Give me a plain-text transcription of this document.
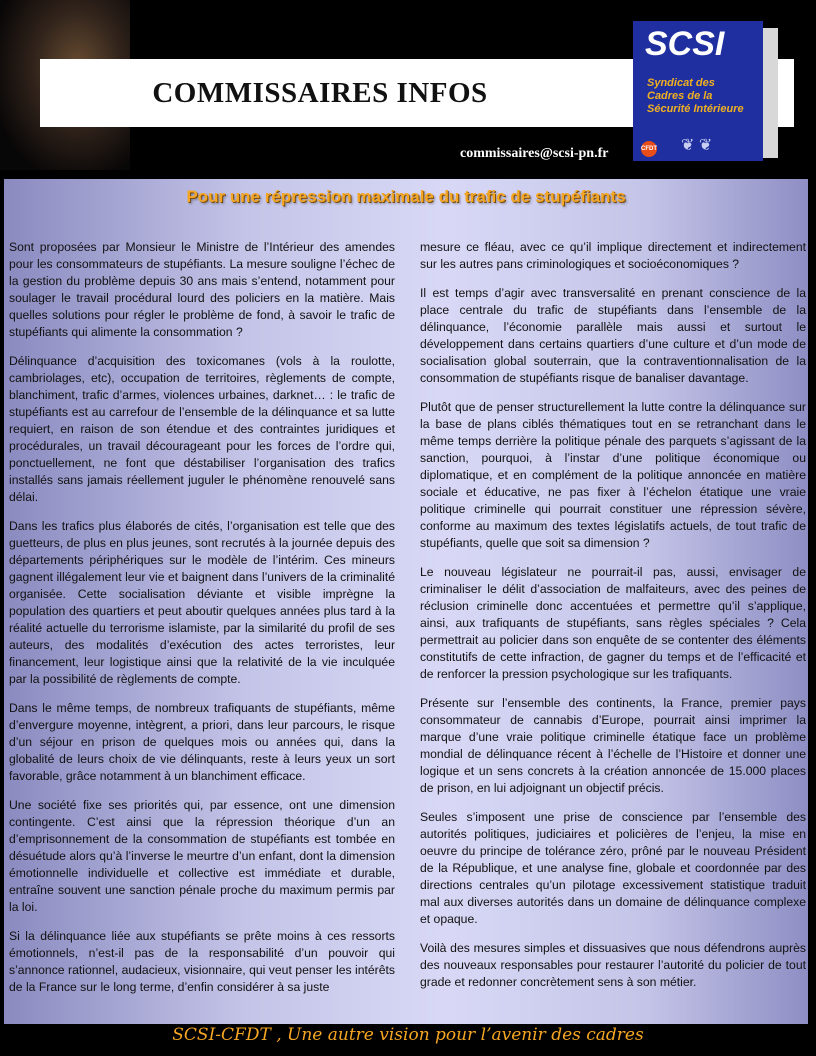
COMMISSAIRES INFOS
SCSI
Syndicat des Cadres de la Sécurité Intérieure
❦ ❦
CFDT
commissaires@scsi-pn.fr
Pour une répression maximale du trafic de stupéfiants

Sont proposées par Monsieur le Ministre de l’Intérieur des amendes pour les consommateurs de stupéfiants. La mesure souligne l’échec de la gestion du problème depuis 30 ans mais s’entend, notamment pour soulager le travail procédural lourd des policiers en la matière. Mais quelles solutions pour régler le problème de fond, à savoir le trafic de stupéfiants qui alimente la consommation ?

Délinquance d’acquisition des toxicomanes (vols à la roulotte, cambriolages, etc), occupation de territoires, règlements de compte, blanchiment, trafic d’armes, violences urbaines, darknet… : le trafic de stupéfiants est au carrefour de l’ensemble de la délinquance et sa lutte requiert, en raison de son étendue et des contraintes juridiques et procédurales, un travail décourageant pour les forces de l’ordre qui, ponctuellement, ne font que déstabiliser l’organisation des trafics installés sans jamais réellement juguler le phénomène renouvelé sans délai.

Dans les trafics plus élaborés de cités, l’organisation est telle que des guetteurs, de plus en plus jeunes, sont recrutés à la journée depuis des départements périphériques sur le modèle de l’intérim. Ces mineurs gagnent illégalement leur vie et baignent dans l’univers de la criminalité organisée. Cette socialisation déviante et visible imprègne la population des quartiers et peut aboutir quelques années plus tard à la réalité actuelle du terrorisme islamiste, par la similarité du profil de ses auteurs, des modalités d’exécution des actes terroristes, leur financement, leur logistique ainsi que la relativité de la vie inculquée par la possibilité de règlements de compte.

Dans le même temps, de nombreux trafiquants de stupéfiants, même d’envergure moyenne, intègrent, a priori, dans leur parcours, le risque d’un séjour en prison de quelques mois ou années qui, dans la globalité de leurs choix de vie délinquants, reste à leurs yeux un sort favorable, grâce notamment à un blanchiment efficace.

Une société fixe ses priorités qui, par essence, ont une dimension contingente. C’est ainsi que la répression théorique d’un an d’emprisonnement de la consommation de stupéfiants est tombée en désuétude alors qu’à l’inverse le meurtre d’un enfant, dont la dimension émotionnelle individuelle et collective est immédiate et durable, entraîne souvent une sanction pénale proche du maximum permis par la loi.

Si la délinquance liée aux stupéfiants se prête moins à ces ressorts émotionnels, n’est-il pas de la responsabilité d’un pouvoir qui s’annonce rationnel, audacieux, visionnaire, qui veut penser les intérêts de la France sur le long terme, d’enfin considérer à sa juste

mesure ce fléau, avec ce qu’il implique directement et indirectement sur les autres pans criminologiques et socioéconomiques ?

Il est temps d’agir avec transversalité en prenant conscience de la place centrale du trafic de stupéfiants dans l’ensemble de la délinquance, l’économie parallèle mais aussi et surtout le développement dans certains quartiers d’une culture et d’un mode de socialisation global souterrain, que la contraventionnalisation de la consommation de stupéfiants risque de banaliser davantage.

Plutôt que de penser structurellement la lutte contre la délinquance sur la base de plans ciblés thématiques tout en se retranchant dans le même temps derrière la politique pénale des parquets s’agissant de la sanction, pourquoi, à l’instar d’une politique économique ou diplomatique, et en complément de la politique annoncée en matière sociale et éducative, ne pas fixer à l’échelon étatique une vraie politique criminelle qui pourrait constituer une répression sévère, conforme au maximum des textes législatifs actuels, de tout trafic de stupéfiants, quelle que soit sa dimension ?

Le nouveau législateur ne pourrait-il pas, aussi, envisager de criminaliser le délit d’association de malfaiteurs, avec des peines de réclusion criminelle donc accentuées et permettre qu’il s’applique, ainsi, aux trafiquants de stupéfiants, sans règles spéciales ? Cela permettrait au policier dans son enquête de se contenter des éléments constitutifs de cette infraction, de gagner du temps et de l’efficacité et de renforcer la pression psychologique sur les trafiquants.

Présente sur l’ensemble des continents, la France, premier pays consommateur de cannabis d’Europe, pourrait ainsi imprimer la marque d’une vraie politique criminelle étatique face un problème mondial de délinquance récent à l’échelle de l’Histoire et donner une logique et un sens concrets à la création annoncée de 15.000 places de prison, en lui adjoignant un objectif précis.

Seules s’imposent une prise de conscience par l’ensemble des autorités politiques, judiciaires et policières de l’enjeu, la mise en oeuvre du principe de tolérance zéro, prôné par le nouveau Président de la République, et une analyse fine, globale et coordonnée par des directions centrales qu’un pilotage excessivement statistique traduit mal aux diverses autorités dans un domaine de délinquance complexe et opaque.

Voilà des mesures simples et dissuasives que nous défendrons auprès des nouveaux responsables pour restaurer l’autorité du policier de tout grade et redonner concrètement sens à son métier.

SCSI-CFDT , Une autre vision pour l’avenir des cadres
